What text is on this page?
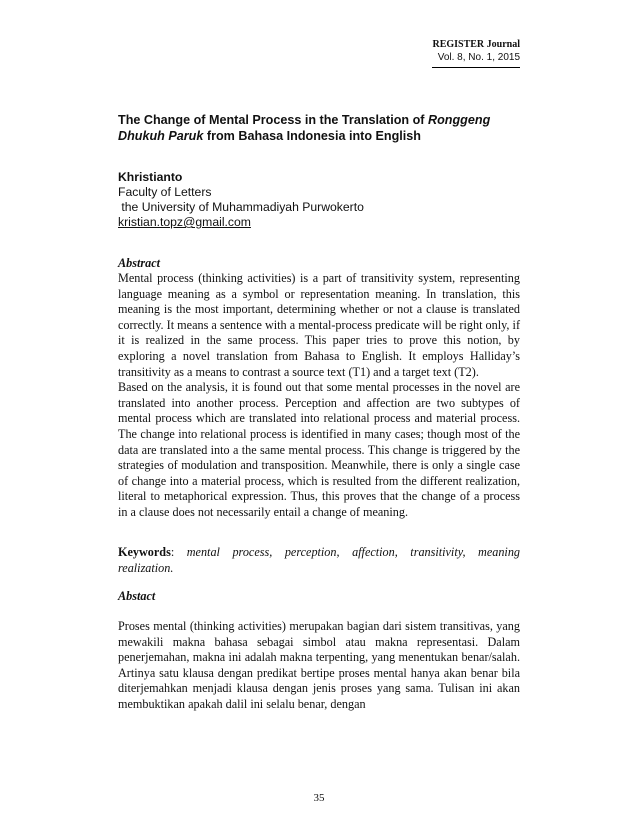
REGISTER Journal
Vol. 8, No. 1, 2015
The Change of Mental Process in the Translation of Ronggeng
Dhukuh Paruk from Bahasa Indonesia into English
Khristianto
Faculty of Letters
the University of Muhammadiyah Purwokerto
kristian.topz@gmail.com
Abstract

Mental process (thinking activities) is a part of transitivity system, representing language meaning as a symbol or representation meaning. In translation, this meaning is the most important, determining whether or not a clause is translated correctly. It means a sentence with a mental-process predicate will be right only, if it is realized in the same process. This paper tries to prove this notion, by exploring a novel translation from Bahasa to English. It employs Halliday’s transitivity as a means to contrast a source text (T1) and a target text (T2).

Based on the analysis, it is found out that some mental processes in the novel are translated into another process. Perception and affection are two subtypes of mental process which are translated into relational process and material process. The change into relational process is identified in many cases; though most of the data are translated into a the same mental process. This change is triggered by the strategies of modulation and transposition. Meanwhile, there is only a single case of change into a material process, which is resulted from the different realization, literal to metaphorical expression. Thus, this proves that the change of a process in a clause does not necessarily entail a change of meaning.

Keywords: mental process, perception, affection, transitivity, meaning realization.

Abstact

Proses mental (thinking activities) merupakan bagian dari sistem transitivas, yang mewakili makna bahasa sebagai simbol atau makna representasi. Dalam penerjemahan, makna ini adalah makna terpenting, yang menentukan benar/salah. Artinya satu klausa dengan predikat bertipe proses mental hanya akan benar bila diterjemahkan menjadi klausa dengan jenis proses yang sama. Tulisan ini akan membuktikan apakah dalil ini selalu benar, dengan

35
